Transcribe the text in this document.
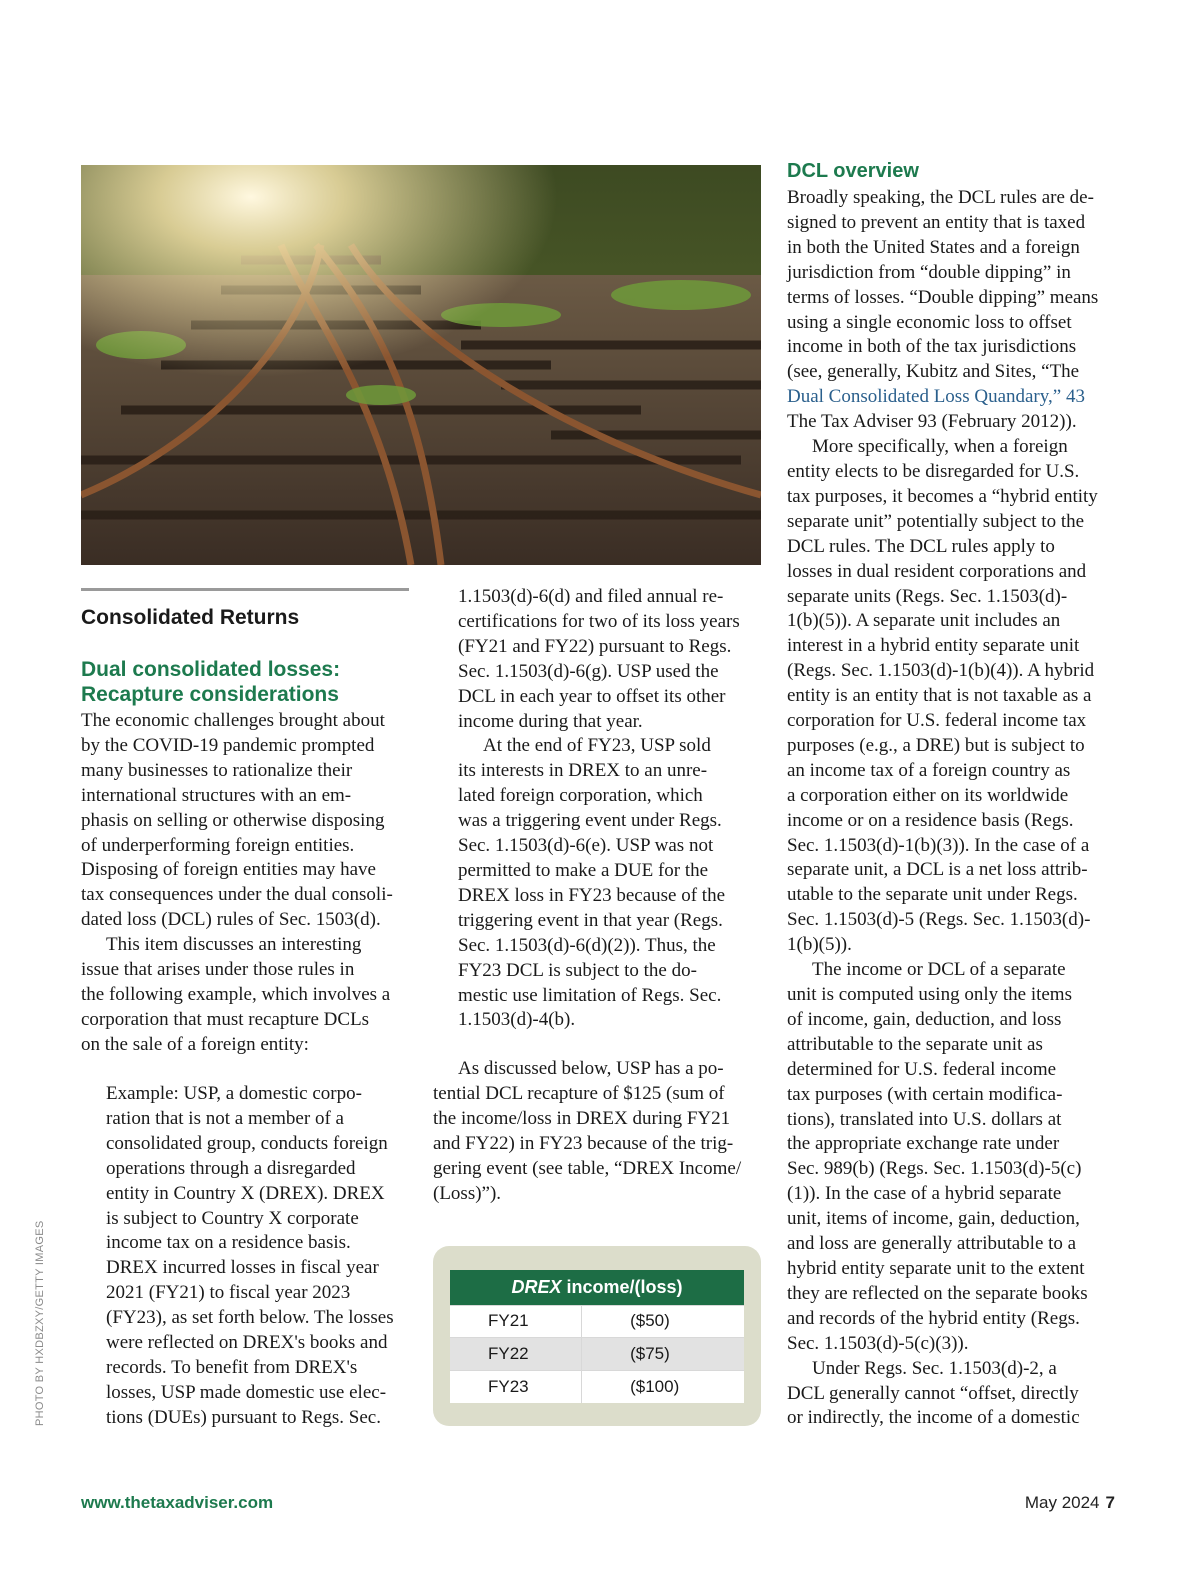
PHOTO BY HXDBZXY/GETTY IMAGES
Consolidated Returns
Dual consolidated losses:
Recapture considerations
The economic challenges brought about
by the COVID-19 pandemic prompted
many businesses to rationalize their
international structures with an em-
phasis on selling or otherwise disposing
of underperforming foreign entities.
Disposing of foreign entities may have
tax consequences under the dual consoli-
dated loss (DCL) rules of Sec. 1503(d).
This item discusses an interesting
issue that arises under those rules in
the following example, which involves a
corporation that must recapture DCLs
on the sale of a foreign entity:
Example: USP, a domestic corpo-
ration that is not a member of a
consolidated group, conducts foreign
operations through a disregarded
entity in Country X (DREX). DREX
is subject to Country X corporate
income tax on a residence basis.
DREX incurred losses in fiscal year
2021 (FY21) to fiscal year 2023
(FY23), as set forth below. The losses
were reflected on DREX's books and
records. To benefit from DREX's
losses, USP made domestic use elec-
tions (DUEs) pursuant to Regs. Sec.
1.1503(d)-6(d) and filed annual re-
certifications for two of its loss years
(FY21 and FY22) pursuant to Regs.
Sec. 1.1503(d)-6(g). USP used the
DCL in each year to offset its other
income during that year.
At the end of FY23, USP sold
its interests in DREX to an unre-
lated foreign corporation, which
was a triggering event under Regs.
Sec. 1.1503(d)-6(e). USP was not
permitted to make a DUE for the
DREX loss in FY23 because of the
triggering event in that year (Regs.
Sec. 1.1503(d)-6(d)(2)). Thus, the
FY23 DCL is subject to the do-
mestic use limitation of Regs. Sec.
1.1503(d)-4(b).
As discussed below, USP has a po-
tential DCL recapture of $125 (sum of
the income/loss in DREX during FY21
and FY22) in FY23 because of the trig-
gering event (see table, “DREX Income/
(Loss)”).
DREX income/(loss)	
FY21	($50)
FY22	($75)
FY23	($100)
DCL overview
Broadly speaking, the DCL rules are de-
signed to prevent an entity that is taxed
in both the United States and a foreign
jurisdiction from “double dipping” in
terms of losses. “Double dipping” means
using a single economic loss to offset
income in both of the tax jurisdictions
(see, generally, Kubitz and Sites, “The
Dual Consolidated Loss Quandary,” 43
The Tax Adviser 93 (February 2012)).
More specifically, when a foreign
entity elects to be disregarded for U.S.
tax purposes, it becomes a “hybrid entity
separate unit” potentially subject to the
DCL rules. The DCL rules apply to
losses in dual resident corporations and
separate units (Regs. Sec. 1.1503(d)-
1(b)(5)). A separate unit includes an
interest in a hybrid entity separate unit
(Regs. Sec. 1.1503(d)-1(b)(4)). A hybrid
entity is an entity that is not taxable as a
corporation for U.S. federal income tax
purposes (e.g., a DRE) but is subject to
an income tax of a foreign country as
a corporation either on its worldwide
income or on a residence basis (Regs.
Sec. 1.1503(d)-1(b)(3)). In the case of a
separate unit, a DCL is a net loss attrib-
utable to the separate unit under Regs.
Sec. 1.1503(d)-5 (Regs. Sec. 1.1503(d)-
1(b)(5)).
The income or DCL of a separate
unit is computed using only the items
of income, gain, deduction, and loss
attributable to the separate unit as
determined for U.S. federal income
tax purposes (with certain modifica-
tions), translated into U.S. dollars at
the appropriate exchange rate under
Sec. 989(b) (Regs. Sec. 1.1503(d)-5(c)
(1)). In the case of a hybrid separate
unit, items of income, gain, deduction,
and loss are generally attributable to a
hybrid entity separate unit to the extent
they are reflected on the separate books
and records of the hybrid entity (Regs.
Sec. 1.1503(d)-5(c)(3)).
Under Regs. Sec. 1.1503(d)-2, a
DCL generally cannot “offset, directly
or indirectly, the income of a domestic
www.thetaxadviser.com	May 2024 7
